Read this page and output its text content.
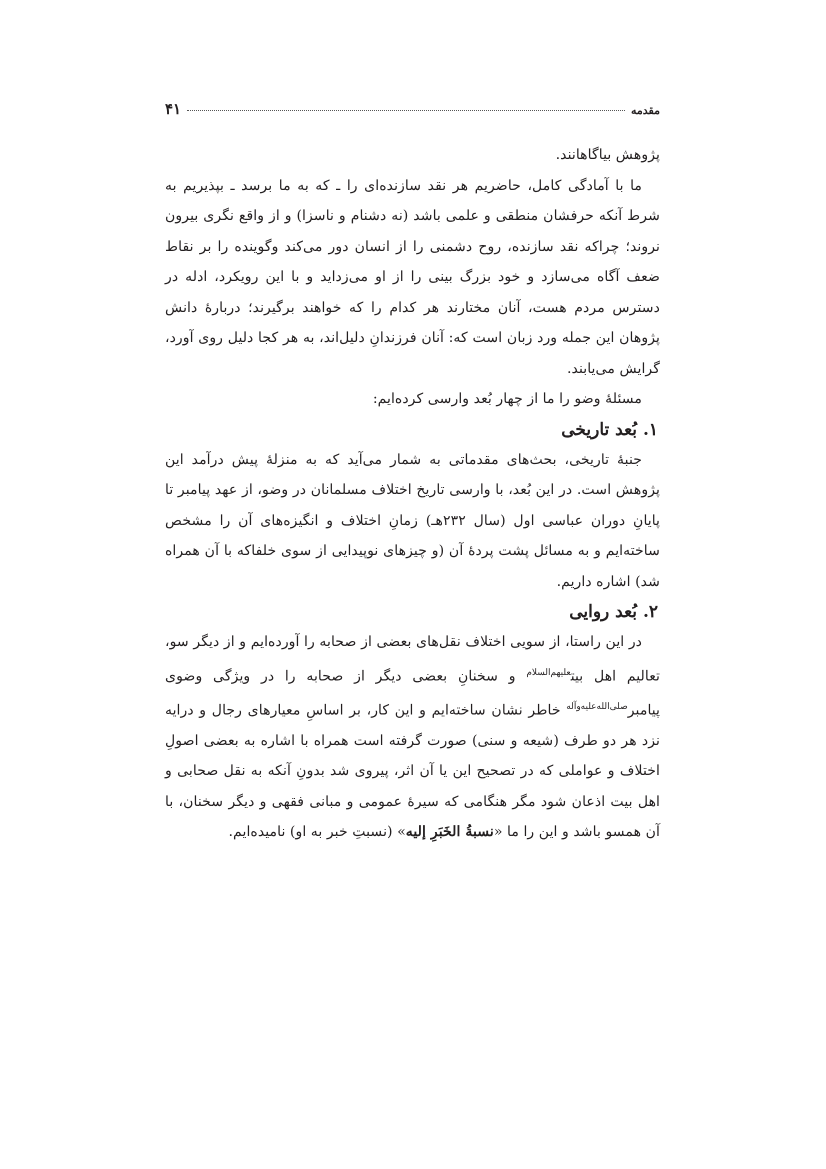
مقدمه
۴۱

پژوهش بیاگاهانند.

ما با آمادگی کامل، حاضریم هر نقد سازنده‌ای را ـ که به ما برسد ـ بپذیریم به شرط آنکه حرفشان منطقی و علمی باشد (نه دشنام و ناسزا) و از واقع نگری بیرون نروند؛ چراکه نقد سازنده، روح دشمنی را از انسان دور می‌کند وگوینده را بر نقاط ضعف آگاه می‌سازد و خود بزرگ بینی را از او می‌زداید و با این رویکرد، ادله در دسترس مردم هست، آنان مختارند هر کدام را که خواهند برگیرند؛ دربارهٔ دانش پژوهان این جمله ورد زبان است که: آنان فرزندانِ دلیل‌اند، به هر کجا دلیل روی آورد، گرایش می‌یابند.

مسئلهٔ وضو را ما از چهار بُعد وارسی کرده‌ایم:

۱. بُعد تاریخی

جنبهٔ تاریخی، بحث‌های مقدماتی به شمار می‌آید که به منزلهٔ پیش درآمد این پژوهش است. در این بُعد، با وارسی تاریخ اختلاف مسلمانان در وضو، از عهد پیامبر تا پایانِ دوران عباسی اول (سال ۲۳۲هـ) زمانِ اختلاف و انگیزه‌های آن را مشخص ساخته‌ایم و به مسائل پشت پردهٔ آن (و چیزهای نوپیدایی از سوی خلفاکه با آن همراه شد) اشاره داریم.

۲. بُعد روایی

در این راستا، از سویی اختلاف نقل‌های بعضی از صحابه را آورده‌ایم و از دیگر سو، تعالیم اهل بیت$^{علیهم‌السلام}$ و سخنانِ بعضی دیگر از صحابه را در ویژگی وضوی پیامبر$^{صلی‌الله‌علیه‌وآله}$ خاطر نشان ساخته‌ایم و این کار، بر اساسِ معیارهای رجال و درایه نزد هر دو طرف (شیعه و سنی) صورت گرفته است همراه با اشاره به بعضی اصولِ اختلاف و عواملی که در تصحیح این یا آن اثر، پیروی شد بدونِ آنکه به نقل صحابی و اهل بیت اذعان شود مگر هنگامی که سیرهٔ عمومی و مبانی فقهی و دیگر سخنان، با آن همسو باشد و این را ما «نسبةُ الخَبَرِ إلیه» (نسبتِ خبر به او) نامیده‌ایم.
